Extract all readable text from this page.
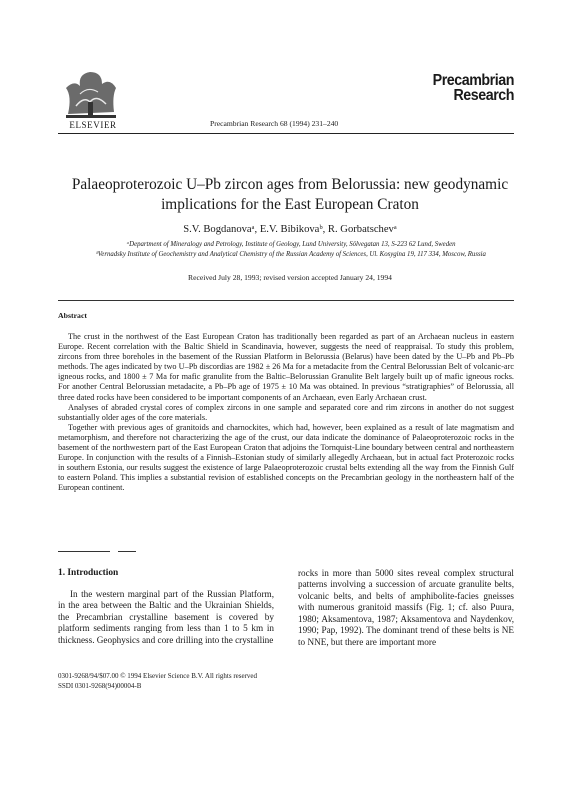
ELSEVIER	Precambrian Research 68 (1994) 231–240
Precambrian Research
Palaeoproterozoic U–Pb zircon ages from Belorussia: new geodynamic implications for the East European Craton
S.V. Bogdanovaᵃ, E.V. Bibikovaᵇ, R. Gorbatschevᵃ
ᵃDepartment of Mineralogy and Petrology, Institute of Geology, Lund University, Sölvegatan 13, S-223 62 Lund, Sweden
ᵇVernadsky Institute of Geochemistry and Analytical Chemistry of the Russian Academy of Sciences, Ul. Kosygina 19, 117 334, Moscow, Russia
Received July 28, 1993; revised version accepted January 24, 1994
Abstract

The crust in the northwest of the East European Craton has traditionally been regarded as part of an Archaean nucleus in eastern Europe. Recent correlation with the Baltic Shield in Scandinavia, however, suggests the need of reappraisal. To study this problem, zircons from three boreholes in the basement of the Russian Platform in Belorussia (Belarus) have been dated by the U–Pb and Pb–Pb methods. The ages indicated by two U–Pb discordias are 1982 ± 26 Ma for a metadacite from the Central Belorussian Belt of volcanic-arc igneous rocks, and 1800 ± 7 Ma for mafic granulite from the Baltic–Belorussian Granulite Belt largely built up of mafic igneous rocks. For another Central Belorussian metadacite, a Pb–Pb age of 1975 ± 10 Ma was obtained. In previous “stratigraphies” of Belorussia, all three dated rocks have been considered to be important components of an Archaean, even Early Archaean crust.

Analyses of abraded crystal cores of complex zircons in one sample and separated core and rim zircons in another do not suggest substantially older ages of the core materials.

Together with previous ages of granitoids and charnockites, which had, however, been explained as a result of late magmatism and metamorphism, and therefore not characterizing the age of the crust, our data indicate the dominance of Palaeoproterozoic rocks in the basement of the northwestern part of the East European Craton that adjoins the Tornquist-Line boundary between central and northeastern Europe. In conjunction with the results of a Finnish–Estonian study of similarly allegedly Archaean, but in actual fact Proterozoic rocks in southern Estonia, our results suggest the existence of large Palaeoproterozoic crustal belts extending all the way from the Finnish Gulf to eastern Poland. This implies a substantial revision of established concepts on the Precambrian geology in the northeastern half of the European continent.

1. Introduction

In the western marginal part of the Russian Platform, in the area between the Baltic and the Ukrainian Shields, the Precambrian crystalline basement is covered by platform sediments ranging from less than 1 to 5 km in thickness. Geophysics and core drilling into the crystalline

rocks in more than 5000 sites reveal complex structural patterns involving a succession of arcuate granulite belts, volcanic belts, and belts of amphibolite-facies gneisses with numerous granitoid massifs (Fig. 1; cf. also Puura, 1980; Aksamentova, 1987; Aksamentova and Naydenkov, 1990; Pap, 1992). The dominant trend of these belts is NE to NNE, but there are important more

0301-9268/94/$07.00 © 1994 Elsevier Science B.V. All rights reserved
SSDI 0301-9268(94)00004-B
